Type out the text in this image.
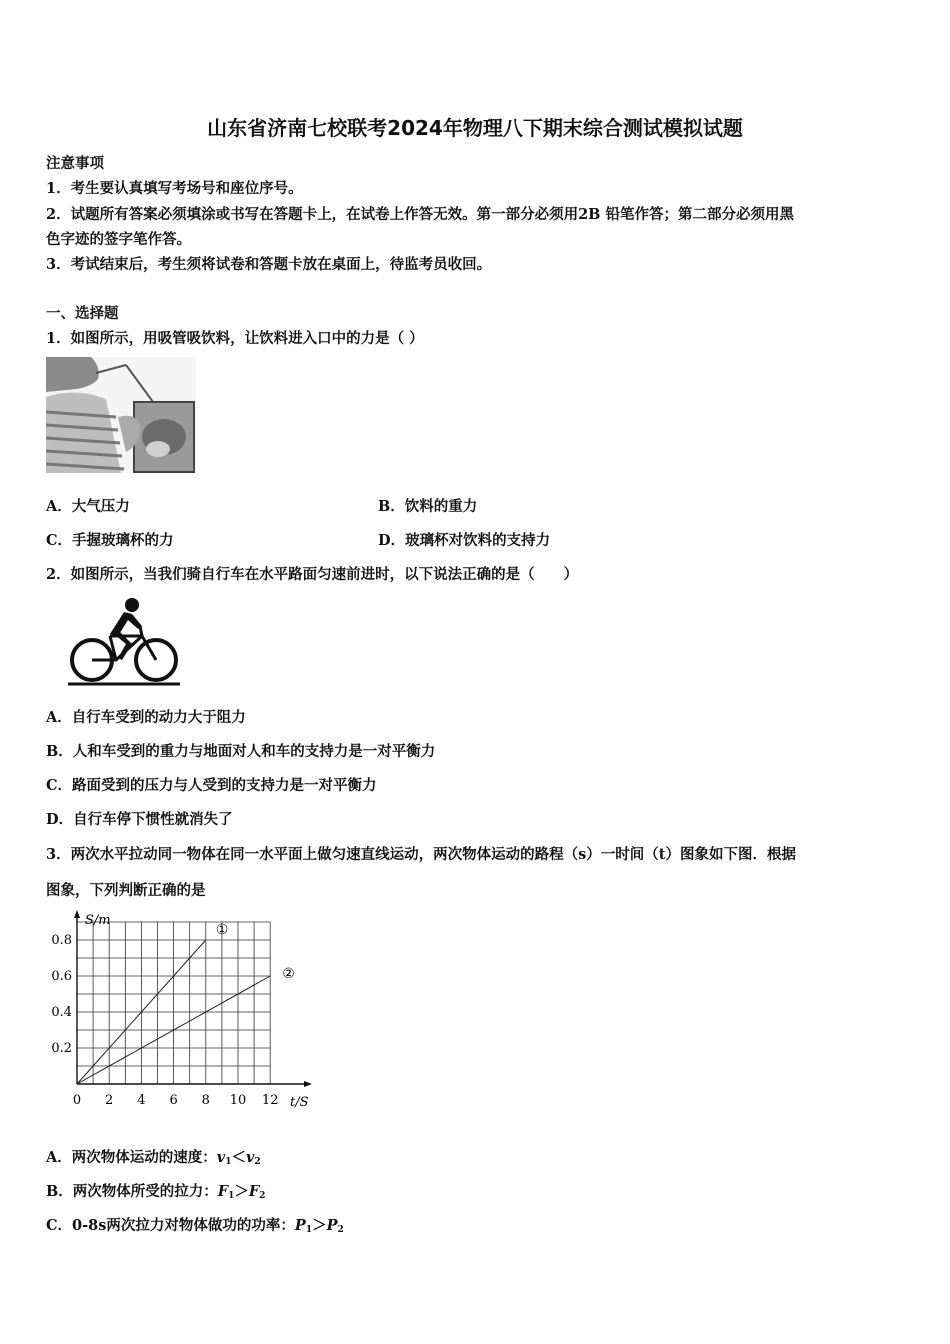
山东省济南七校联考2024年物理八下期末综合测试模拟试题
注意事项
1．考生要认真填写考场号和座位序号。
2．试题所有答案必须填涂或书写在答题卡上，在试卷上作答无效。第一部分必须用2B 铅笔作答；第二部分必须用黑
色字迹的签字笔作答。
3．考试结束后，考生须将试卷和答题卡放在桌面上，待监考员收回。
一、选择题
1．如图所示，用吸管吸饮料，让饮料进入口中的力是（ ）
A．大气压力	B．饮料的重力
C．手握玻璃杯的力	D．玻璃杯对饮料的支持力
2．如图所示，当我们骑自行车在水平路面匀速前进时，以下说法正确的是（　　）
A．自行车受到的动力大于阻力
B．人和车受到的重力与地面对人和车的支持力是一对平衡力
C．路面受到的压力与人受到的支持力是一对平衡力
D．自行车停下惯性就消失了
3．两次水平拉动同一物体在同一水平面上做匀速直线运动，两次物体运动的路程（s）一时间（t）图象如下图．根据
图象，下列判断正确的是
0 2 4 6 8 10 12
0.2
0.4
0.6
0.8
S/m
t/S
①
②
A．两次物体运动的速度：$v_1<v_2$
B．两次物体所受的拉力：$F_1>F_2$
C．0-8s两次拉力对物体做功的功率：$P_1>P_2$
